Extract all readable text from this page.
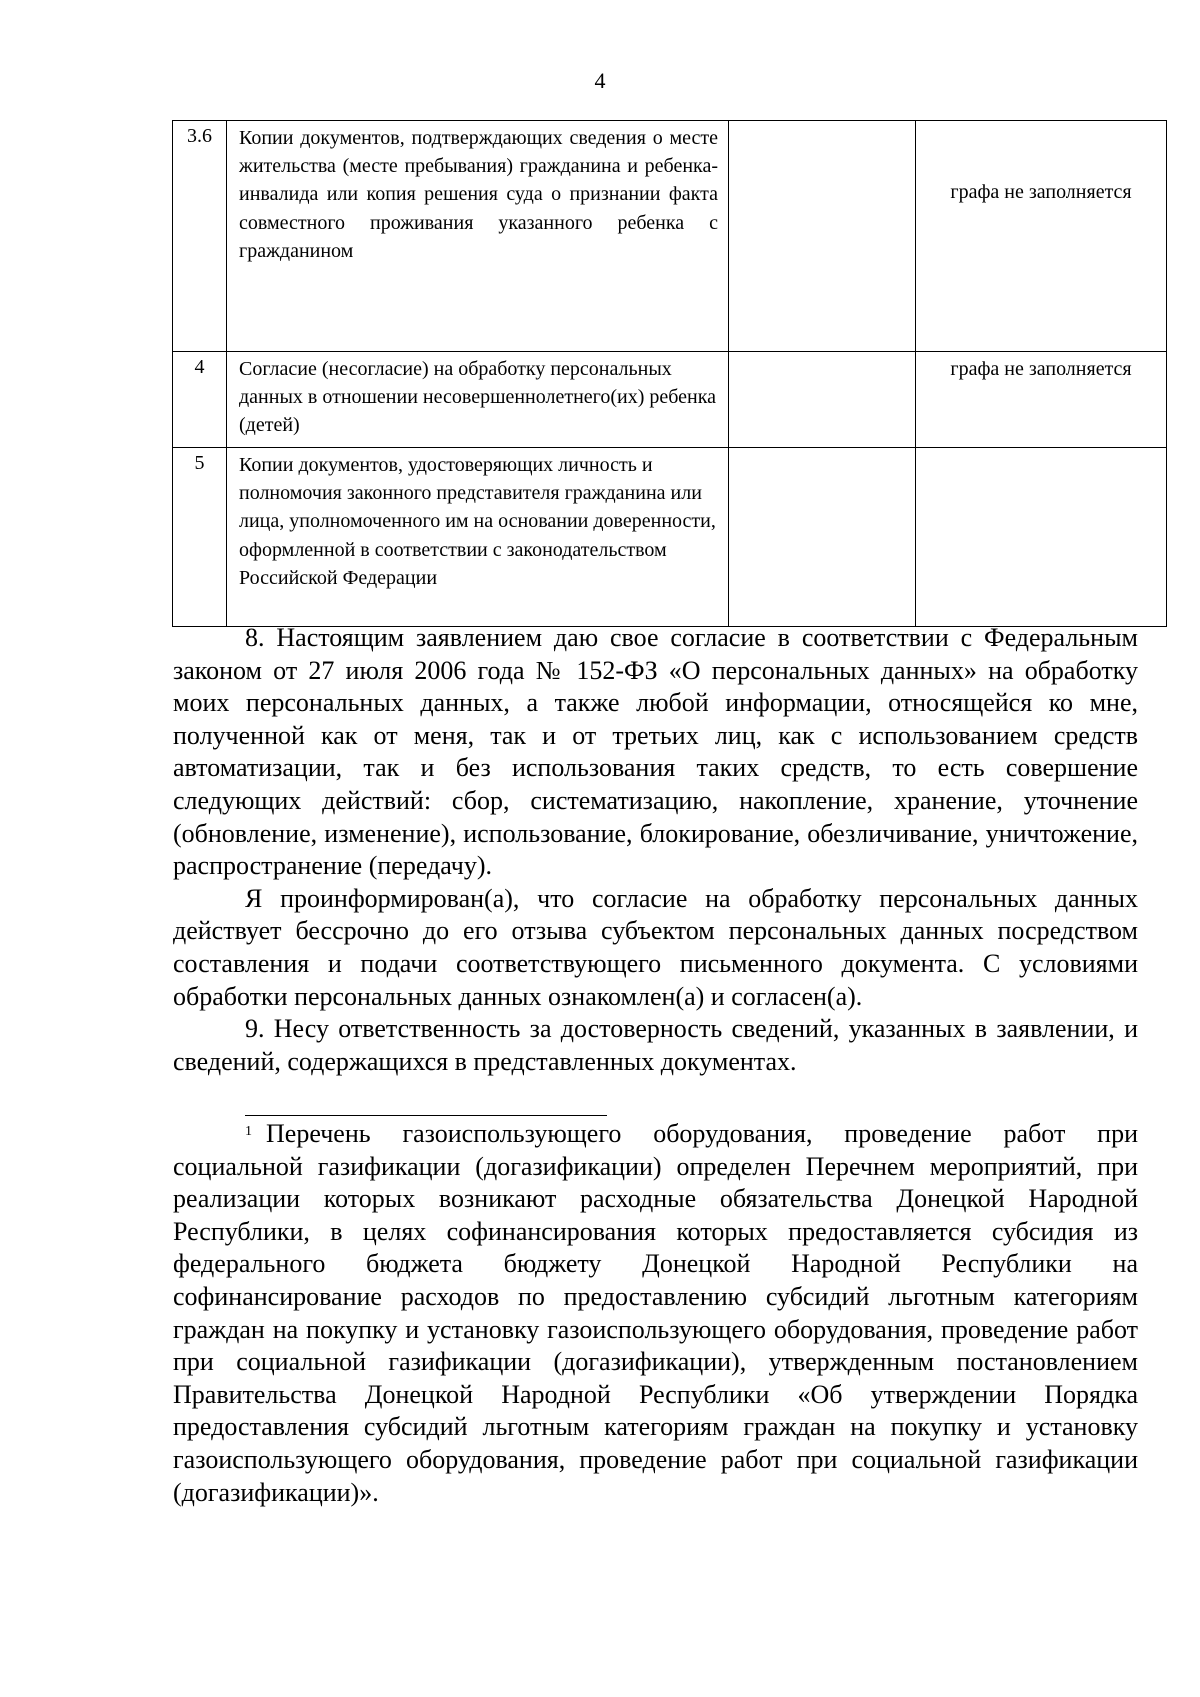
4
3.6	Копии документов, подтверждающих сведения о месте жительства (месте пребывания) гражданина и ребенка-инвалида или копия решения суда о признании факта совместного проживания указанного ребенка с гражданином		графа не заполняется
4	Согласие (несогласие) на обработку персональных данных в отношении несовершеннолетнего(их) ребенка (детей)		графа не заполняется
5	Копии документов, удостоверяющих личность и полномочия законного представителя гражданина или лица, уполномоченного им на основании доверенности, оформленной в соответствии с законодательством Российской Федерации		

8. Настоящим заявлением даю свое согласие в соответствии с Федеральным законом от 27 июля 2006 года № 152-ФЗ «О персональных данных» на обработку моих персональных данных, а также любой информации, относящейся ко мне, полученной как от меня, так и от третьих лиц, как с использованием средств автоматизации, так и без использования таких средств, то есть совершение следующих действий: сбор, систематизацию, накопление, хранение, уточнение (обновление, изменение), использование, блокирование, обезличивание, уничтожение, распространение (передачу).

Я проинформирован(а), что согласие на обработку персональных данных действует бессрочно до его отзыва субъектом персональных данных посредством составления и подачи соответствующего письменного документа. С условиями обработки персональных данных ознакомлен(а) и согласен(а).

9. Несу ответственность за достоверность сведений, указанных в заявлении, и сведений, содержащихся в представленных документах.

$^1$ Перечень газоиспользующего оборудования, проведение работ при социальной газификации (догазификации) определен Перечнем мероприятий, при реализации которых возникают расходные обязательства Донецкой Народной Республики, в целях софинансирования которых предоставляется субсидия из федерального бюджета бюджету Донецкой Народной Республики на софинансирование расходов по предоставлению субсидий льготным категориям граждан на покупку и установку газоиспользующего оборудования, проведение работ при социальной газификации (догазификации), утвержденным постановлением Правительства Донецкой Народной Республики «Об утверждении Порядка предоставления субсидий льготным категориям граждан на покупку и установку газоиспользующего оборудования, проведение работ при социальной газификации (догазификации)».
